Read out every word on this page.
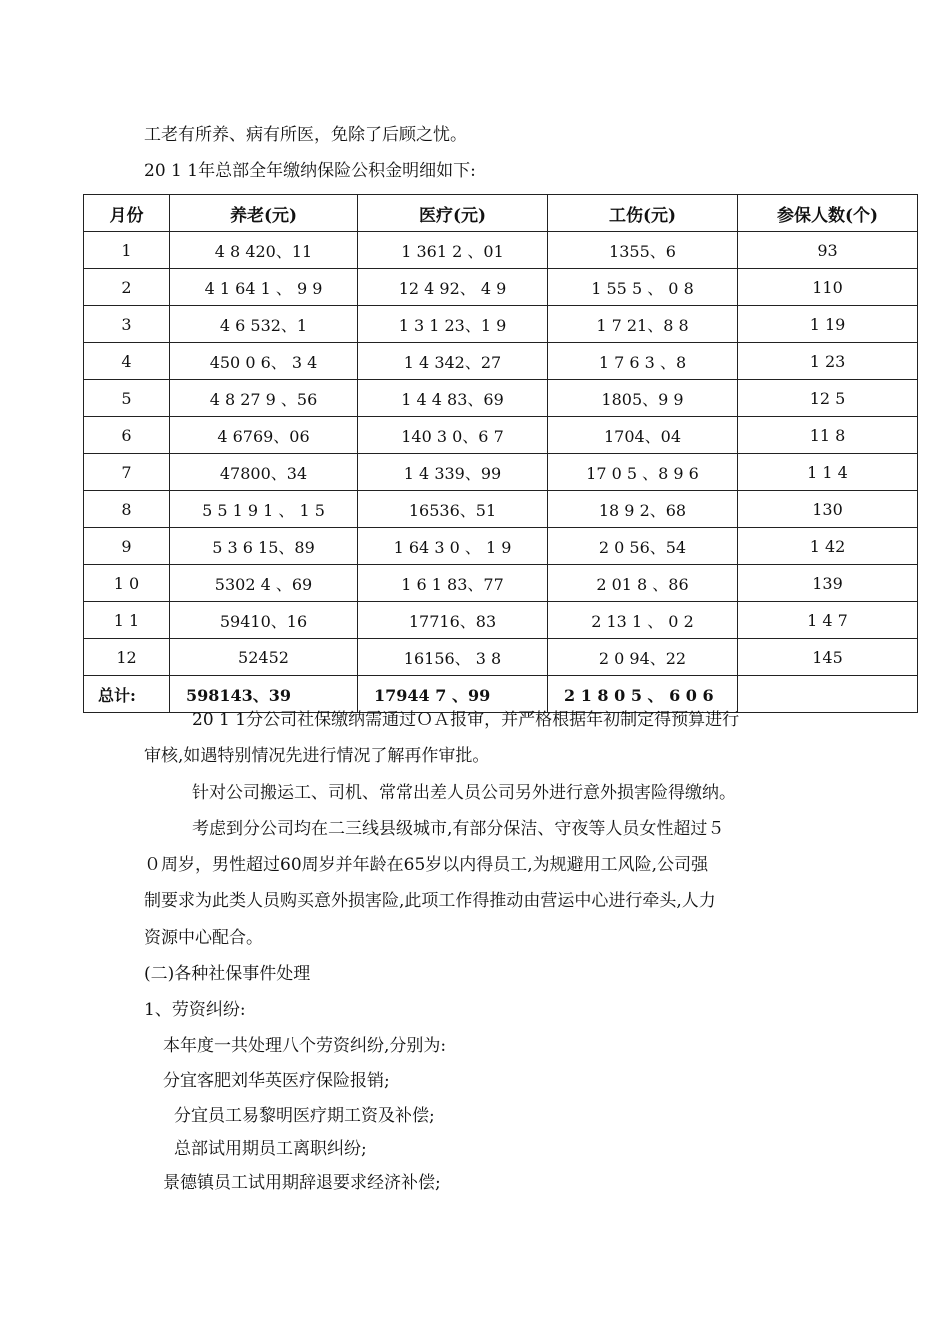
工老有所养、病有所医，免除了后顾之忧。
20 1 1年总部全年缴纳保险公积金明细如下:
月份	养老(元)	医疗(元)	工伤(元)	参保人数(个)
1	4 8 420、11	1 361 2 、01	1355、6	93
2	4 1 64 1 、 9 9	12 4 92、 4 9	1 55 5 、 0 8	110
3	4 6 532、1	1 3 1 23、1 9	1 7 21、8 8	1 19
4	450 0 6、 3 4	1 4 342、27	1 7 6 3 、8	1 23
5	4 8 27 9 、56	1 4 4 83、69	1805、9 9	12 5
6	4 6769、06	140 3 0、6 7	1704、04	11 8
7	47800、34	1 4 339、99	17 0 5 、8 9 6	1 1 4
8	5 5 1 9 1 、 1 5	16536、51	18 9 2、68	130
9	5 3 6 15、89	1 64 3 0 、 1 9	2 0 56、54	1 42
1 0	5302 4 、69	1 6 1 83、77	2 01 8 、86	139
1 1	59410、16	17716、83	2 13 1 、 0 2	1 4 7
12	52452	16156、 3 8	2 0 94、22	145
总计:	598143、39	17944 7 、99	2 1 8 0 5 、 6 0 6	
20 1 1分公司社保缴纳需通过ＯＡ报审，并严格根据年初制定得预算进行
审核,如遇特别情况先进行情况了解再作审批。
针对公司搬运工、司机、常常出差人员公司另外进行意外损害险得缴纳。
考虑到分公司均在二三线县级城市,有部分保洁、守夜等人员女性超过５
０周岁，男性超过60周岁并年龄在65岁以内得员工,为规避用工风险,公司强
制要求为此类人员购买意外损害险,此项工作得推动由营运中心进行牵头,人力
资源中心配合。
(二)各种社保事件处理
1、劳资纠纷:
本年度一共处理八个劳资纠纷,分别为:
分宜客肥刘华英医疗保险报销;
分宜员工易黎明医疗期工资及补偿;
总部试用期员工离职纠纷;
景德镇员工试用期辞退要求经济补偿;
